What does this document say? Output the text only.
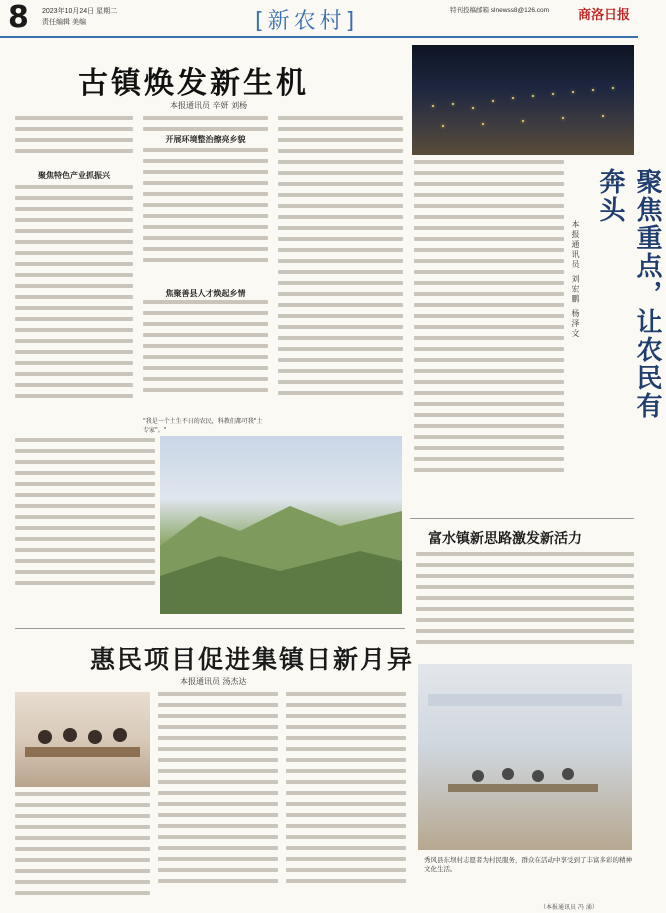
8 2023年10月24日 星期二
责任编辑 美编	[新农村]	特刊投稿邮箱 slnewss8@126.com 商洛日报
古镇焕发新生机
本报通讯员 辛妍 刘杨
聚焦特色产业抓振兴
开展环境整治擦亮乡貌
焦聚善县人才焕起乡情
"我是一个土生不日的农民，科教们都可我"土专家"。"
聚焦重点，让农民有奔头
本报通讯员 刘宏鹏 杨泽文
富水镇新思路激发新活力
秀风县东坝村志愿者为村民服务，群众在活动中享受到了丰富多彩的精神文化生活。
（本报通讯员 冯 涌）
惠民项目促进集镇日新月异
本报通讯员 汤杰达
